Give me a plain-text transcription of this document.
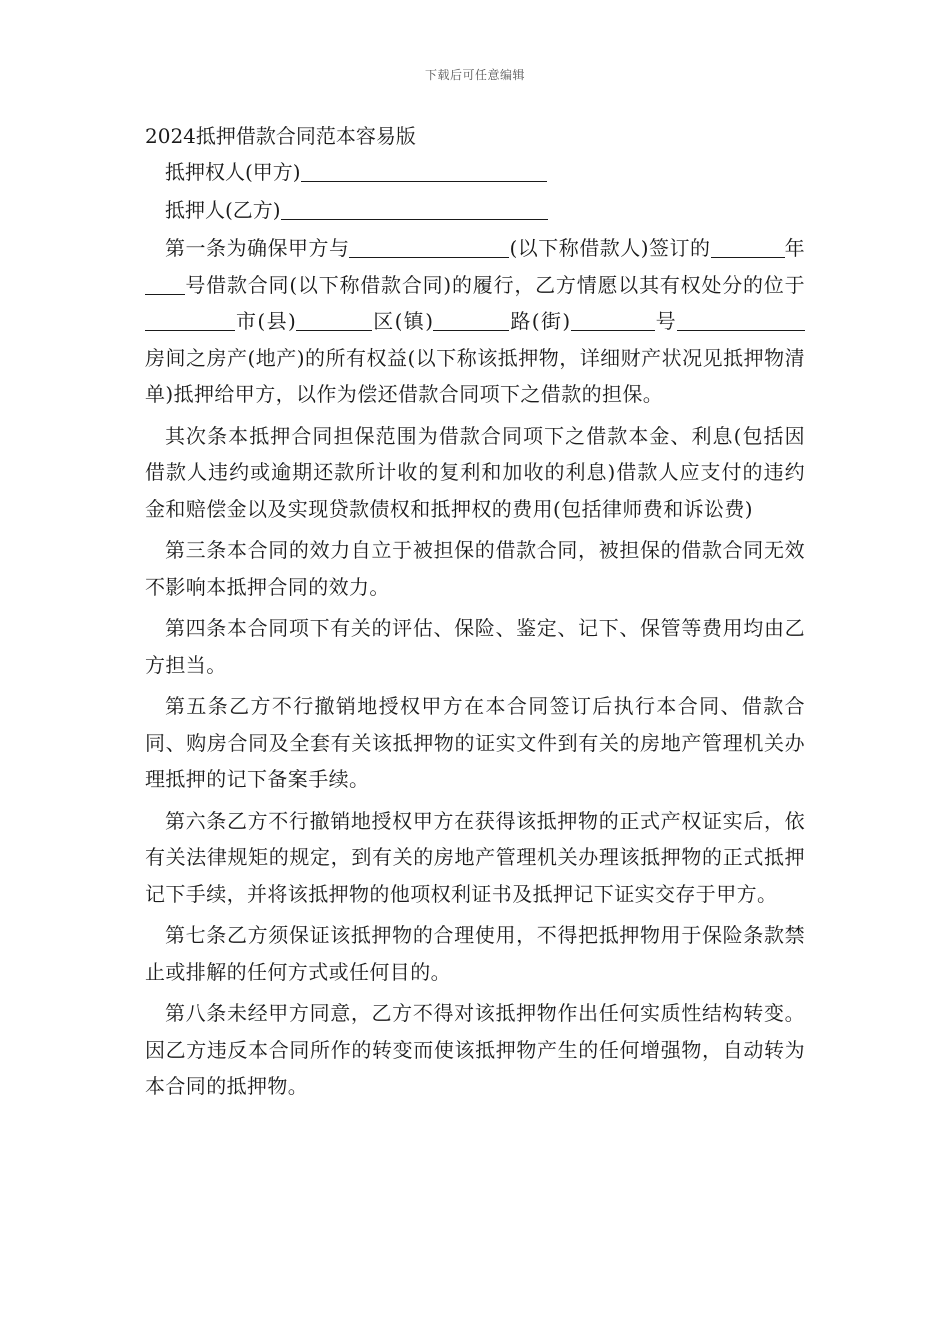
下载后可任意编辑
2024抵押借款合同范本容易版
抵押权人(甲方)
抵押人(乙方)

第一条为确保甲方与	(以下称借款人)签订的	年号借款合同(以下称借款合同)的履行，乙方情愿以其有权处分的位于市(县)	区(镇)	路(街)	号房间之房产(地产)的所有权益(以下称该抵押物，详细财产状况见抵押物清单)抵押给甲方，以作为偿还借款合同项下之借款的担保。

其次条本抵押合同担保范围为借款合同项下之借款本金、利息(包括因借款人违约或逾期还款所计收的复利和加收的利息)借款人应支付的违约金和赔偿金以及实现贷款债权和抵押权的费用(包括律师费和诉讼费)

第三条本合同的效力自立于被担保的借款合同，被担保的借款合同无效不影响本抵押合同的效力。

第四条本合同项下有关的评估、保险、鉴定、记下、保管等费用均由乙方担当。

第五条乙方不行撤销地授权甲方在本合同签订后执行本合同、借款合同、购房合同及全套有关该抵押物的证实文件到有关的房地产管理机关办理抵押的记下备案手续。

第六条乙方不行撤销地授权甲方在获得该抵押物的正式产权证实后，依有关法律规矩的规定，到有关的房地产管理机关办理该抵押物的正式抵押记下手续，并将该抵押物的他项权利证书及抵押记下证实交存于甲方。

第七条乙方须保证该抵押物的合理使用，不得把抵押物用于保险条款禁止或排解的任何方式或任何目的。

第八条未经甲方同意，乙方不得对该抵押物作出任何实质性结构转变。因乙方违反本合同所作的转变而使该抵押物产生的任何增强物，自动转为本合同的抵押物。
